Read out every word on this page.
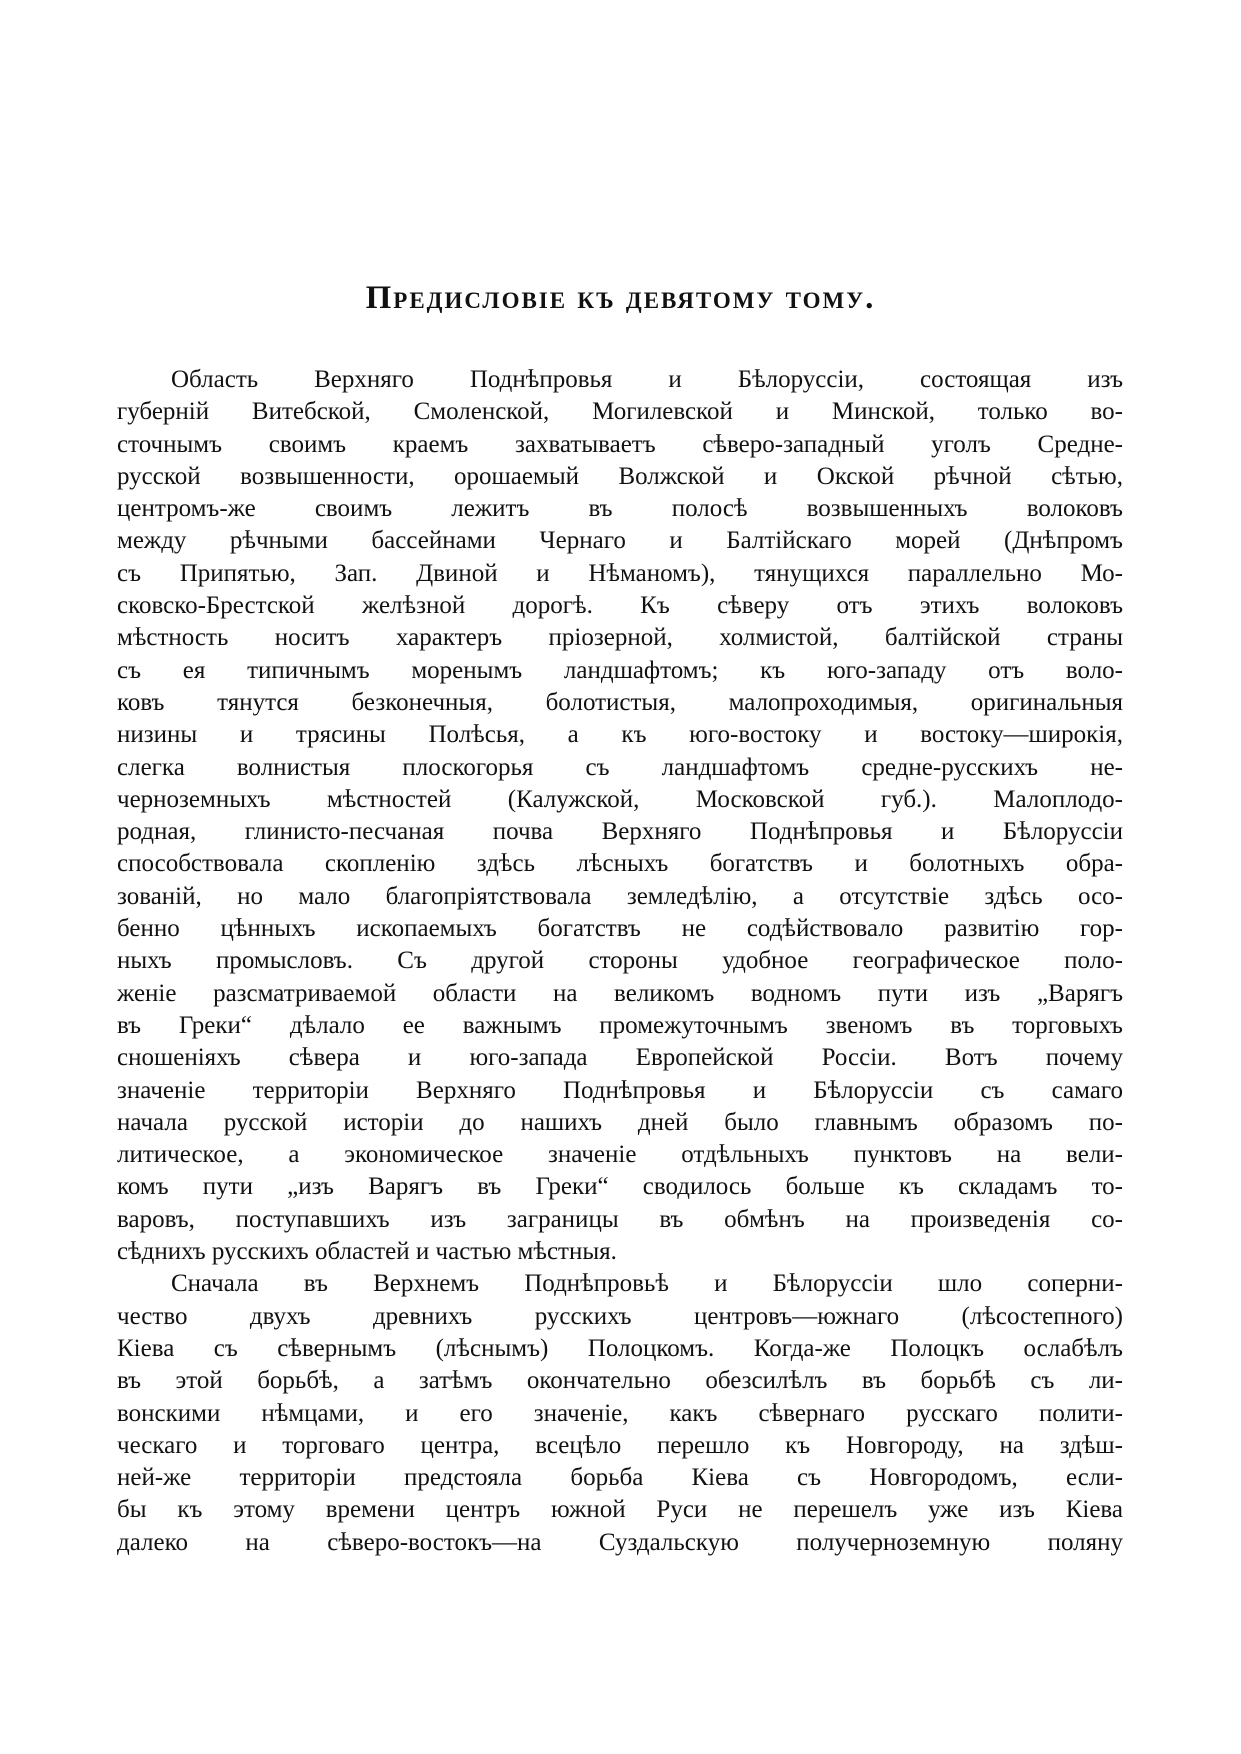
Предисловіе къ девятому тому.
Область Верхняго Поднѣпровья и Бѣлоруссіи, состоящая изъ
губерній Витебской, Смоленской, Могилевской и Минской, только во-
сточнымъ своимъ краемъ захватываетъ сѣверо-западный уголъ Средне-
русской возвышенности, орошаемый Волжской и Окской рѣчной сѣтью,
центромъ-же своимъ лежитъ въ полосѣ возвышенныхъ волоковъ
между рѣчными бассейнами Чернаго и Балтійскаго морей (Днѣпромъ
съ Припятью, Зап. Двиной и Нѣманомъ), тянущихся параллельно Мо-
сковско-Брестской желѣзной дорогѣ. Къ сѣверу отъ этихъ волоковъ
мѣстность носитъ характеръ пріозерной, холмистой, балтійской страны
съ ея типичнымъ моренымъ ландшафтомъ; къ юго-западу отъ воло-
ковъ тянутся безконечныя, болотистыя, малопроходимыя, оригинальныя
низины и трясины Полѣсья, а къ юго-востоку и востоку—широкія,
слегка волнистыя плоскогорья съ ландшафтомъ средне-русскихъ не-
черноземныхъ мѣстностей (Калужской, Московской губ.). Малоплодо-
родная, глинисто-песчаная почва Верхняго Поднѣпровья и Бѣлоруссіи
способствовала скопленію здѣсь лѣсныхъ богатствъ и болотныхъ обра-
зованій, но мало благопріятствовала земледѣлію, а отсутствіе здѣсь осо-
бенно цѣнныхъ ископаемыхъ богатствъ не содѣйствовало развитію гор-
ныхъ промысловъ. Съ другой стороны удобное географическое поло-
женіе разсматриваемой области на великомъ водномъ пути изъ „Варягъ
въ Греки“ дѣлало ее важнымъ промежуточнымъ звеномъ въ торговыхъ
сношеніяхъ сѣвера и юго-запада Европейской Россіи. Вотъ почему
значеніе территоріи Верхняго Поднѣпровья и Бѣлоруссіи съ самаго
начала русской исторіи до нашихъ дней было главнымъ образомъ по-
литическое, а экономическое значеніе отдѣльныхъ пунктовъ на вели-
комъ пути „изъ Варягъ въ Греки“ сводилось больше къ складамъ то-
варовъ, поступавшихъ изъ заграницы въ обмѣнъ на произведенія со-
сѣднихъ русскихъ областей и частью мѣстныя.
Сначала въ Верхнемъ Поднѣпровьѣ и Бѣлоруссіи шло соперни-
чество двухъ древнихъ русскихъ центровъ—южнаго (лѣсостепного)
Кіева съ сѣвернымъ (лѣснымъ) Полоцкомъ. Когда-же Полоцкъ ослабѣлъ
въ этой борьбѣ, а затѣмъ окончательно обезсилѣлъ въ борьбѣ съ ли-
вонскими нѣмцами, и его значеніе, какъ сѣвернаго русскаго полити-
ческаго и торговаго центра, всецѣло перешло къ Новгороду, на здѣш-
ней-же территоріи предстояла борьба Кіева съ Новгородомъ, если-
бы къ этому времени центръ южной Руси не перешелъ уже изъ Кіева
далеко на сѣверо-востокъ—на Суздальскую получерноземную поляну
